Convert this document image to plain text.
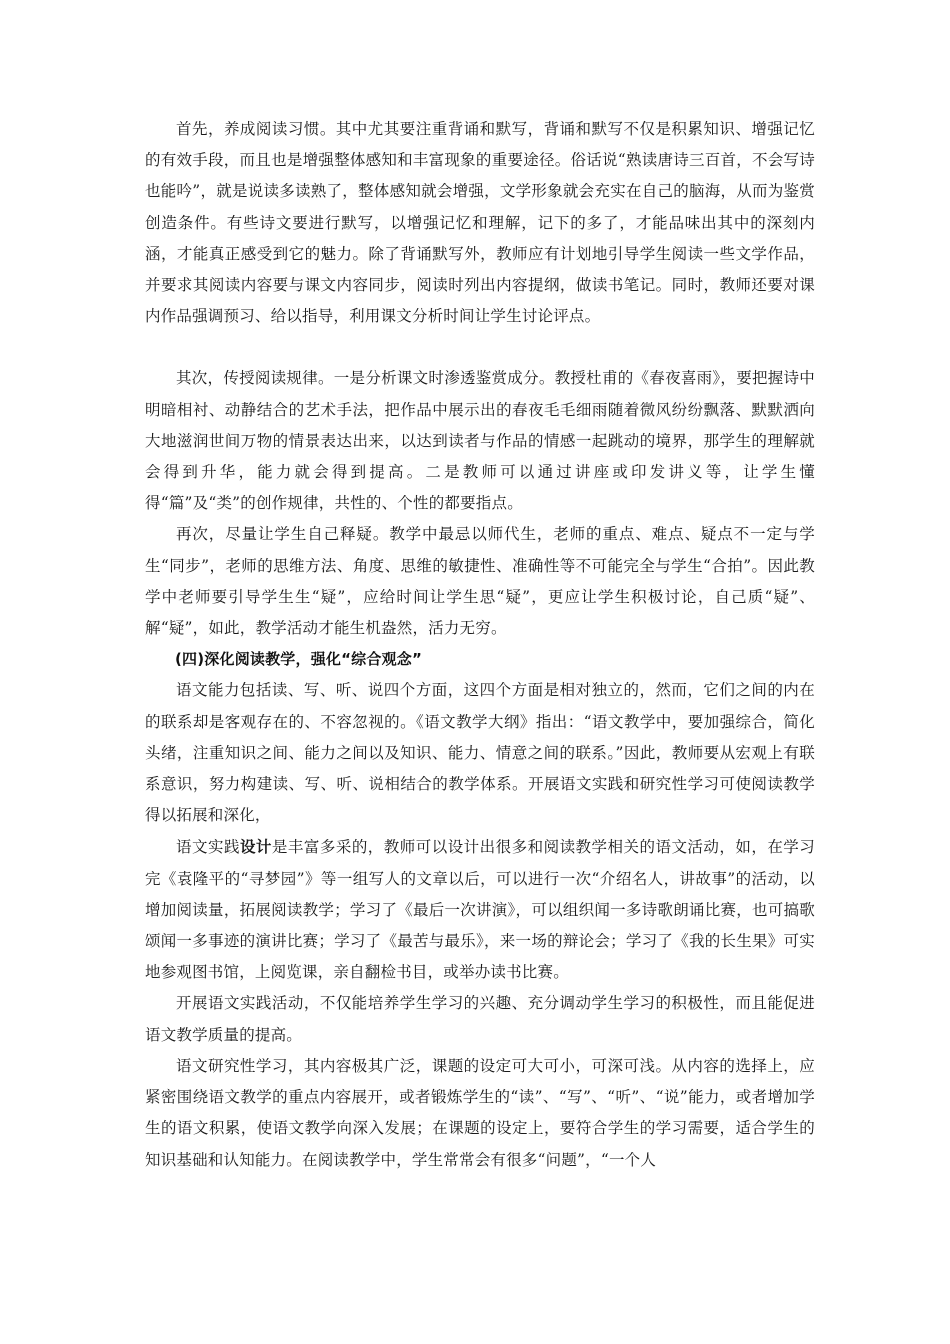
首先，养成阅读习惯。其中尤其要注重背诵和默写，背诵和默写不仅是积累知识、增强记忆的有效手段，而且也是增强整体感知和丰富现象的重要途径。俗话说“熟读唐诗三百首，不会写诗也能吟”，就是说读多读熟了，整体感知就会增强，文学形象就会充实在自己的脑海，从而为鉴赏创造条件。有些诗文要进行默写，以增强记忆和理解，记下的多了，才能品味出其中的深刻内涵，才能真正感受到它的魅力。除了背诵默写外，教师应有计划地引导学生阅读一些文学作品，并要求其阅读内容要与课文内容同步，阅读时列出内容提纲，做读书笔记。同时，教师还要对课内作品强调预习、给以指导，利用课文分析时间让学生讨论评点。

其次，传授阅读规律。一是分析课文时渗透鉴赏成分。教授杜甫的《春夜喜雨》，要把握诗中明暗相衬、动静结合的艺术手法，把作品中展示出的春夜毛毛细雨随着微风纷纷飘落、默默洒向大地滋润世间万物的情景表达出来，以达到读者与作品的情感一起跳动的境界，那学生的理解就会得到升华，能力就会得到提高。二是教师可以通过讲座或印发讲义等，让学生懂得“篇”及“类”的创作规律，共性的、个性的都要指点。

再次，尽量让学生自己释疑。教学中最忌以师代生，老师的重点、难点、疑点不一定与学生“同步”，老师的思维方法、角度、思维的敏捷性、准确性等不可能完全与学生“合拍”。因此教学中老师要引导学生生“疑”，应给时间让学生思“疑”，更应让学生积极讨论，自己质“疑”、解“疑”，如此，教学活动才能生机盎然，活力无穷。

(四)深化阅读教学，强化“综合观念”

语文能力包括读、写、听、说四个方面，这四个方面是相对独立的，然而，它们之间的内在的联系却是客观存在的、不容忽视的。《语文教学大纲》指出：“语文教学中，要加强综合，简化头绪，注重知识之间、能力之间以及知识、能力、情意之间的联系。”因此，教师要从宏观上有联系意识，努力构建读、写、听、说相结合的教学体系。开展语文实践和研究性学习可使阅读教学得以拓展和深化，

语文实践设计是丰富多采的，教师可以设计出很多和阅读教学相关的语文活动，如，在学习完《袁隆平的“寻梦园”》等一组写人的文章以后，可以进行一次“介绍名人，讲故事”的活动，以增加阅读量，拓展阅读教学；学习了《最后一次讲演》，可以组织闻一多诗歌朗诵比赛，也可搞歌颂闻一多事迹的演讲比赛；学习了《最苦与最乐》，来一场的辩论会；学习了《我的长生果》可实地参观图书馆，上阅览课，亲自翻检书目，或举办读书比赛。

开展语文实践活动，不仅能培养学生学习的兴趣、充分调动学生学习的积极性，而且能促进语文教学质量的提高。

语文研究性学习，其内容极其广泛，课题的设定可大可小，可深可浅。从内容的选择上，应紧密围绕语文教学的重点内容展开，或者锻炼学生的“读”、“写”、“听”、“说”能力，或者增加学生的语文积累，使语文教学向深入发展；在课题的设定上，要符合学生的学习需要，适合学生的知识基础和认知能力。在阅读教学中，学生常常会有很多“问题”，“一个人
